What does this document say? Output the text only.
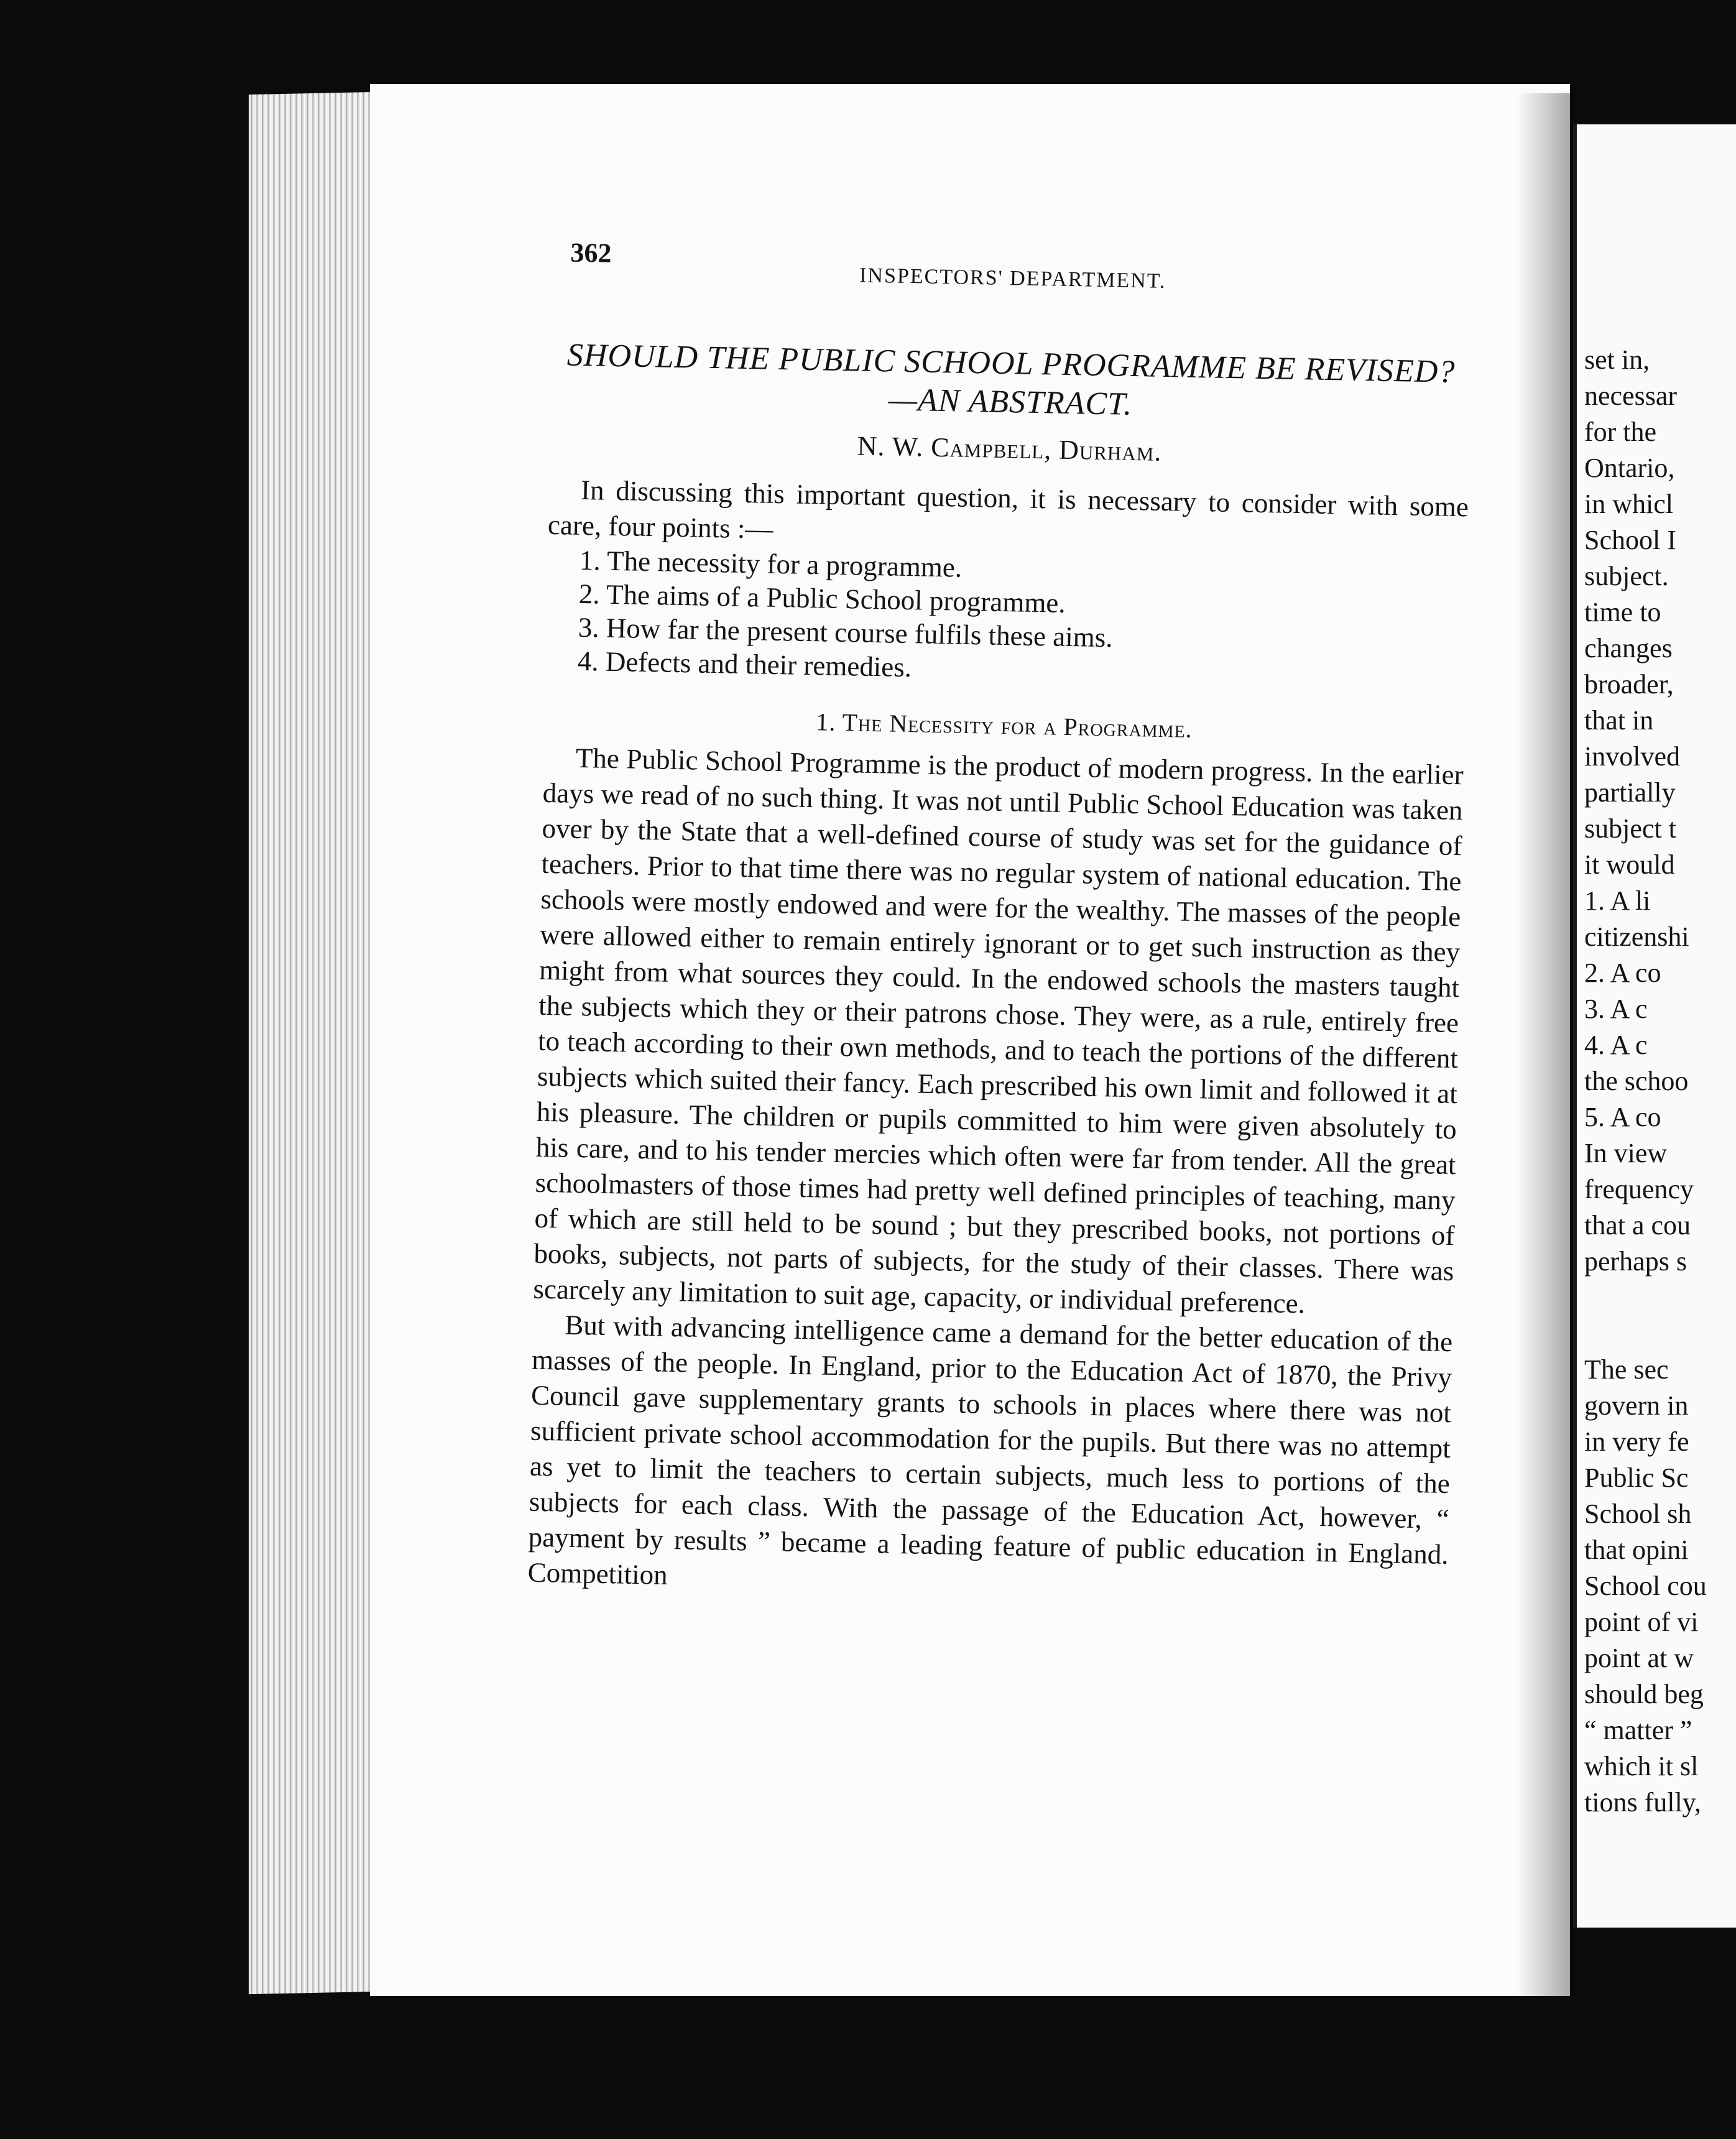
362
INSPECTORS' DEPARTMENT.
SHOULD THE PUBLIC SCHOOL PROGRAMME BE REVISED?
—AN ABSTRACT.
N. W. Campbell, Durham.

In discussing this important question, it is necessary to consider with some care, four points :—

1. The necessity for a programme.
2. The aims of a Public School programme.
3. How far the present course fulfils these aims.
4. Defects and their remedies.
1. The Necessity for a Programme.

The Public School Programme is the product of modern progress. In the earlier days we read of no such thing. It was not until Public School Education was taken over by the State that a well-defined course of study was set for the guidance of teachers. Prior to that time there was no regular system of national education. The schools were mostly endowed and were for the wealthy. The masses of the people were allowed either to remain entirely ignorant or to get such instruction as they might from what sources they could. In the endowed schools the masters taught the subjects which they or their patrons chose. They were, as a rule, entirely free to teach according to their own methods, and to teach the portions of the different subjects which suited their fancy. Each prescribed his own limit and followed it at his pleasure. The children or pupils committed to him were given absolutely to his care, and to his tender mercies which often were far from tender. All the great schoolmasters of those times had pretty well defined principles of teaching, many of which are still held to be sound ; but they prescribed books, not portions of books, subjects, not parts of subjects, for the study of their classes. There was scarcely any limitation to suit age, capacity, or individual preference.

But with advancing intelligence came a demand for the better education of the masses of the people. In England, prior to the Education Act of 1870, the Privy Council gave supplementary grants to schools in places where there was not sufficient private school accommodation for the pupils. But there was no attempt as yet to limit the teachers to certain subjects, much less to portions of the subjects for each class. With the passage of the Education Act, however, “ payment by results ” became a leading feature of public education in England. Competition

set in,
necessar
for the
Ontario,
in whicl
School I
subject.
time to
changes
broader,
that in
involved
partially
subject t
it would
1. A li
citizenshi
2. A co
3. A c
4. A c
the schoo
5. A co
In view
frequency
that a cou
perhaps s

The sec
govern in
in very fe
Public Sc
School sh
that opini
School cou
point of vi
point at w
should beg
“ matter ”
which it sl
tions fully,
